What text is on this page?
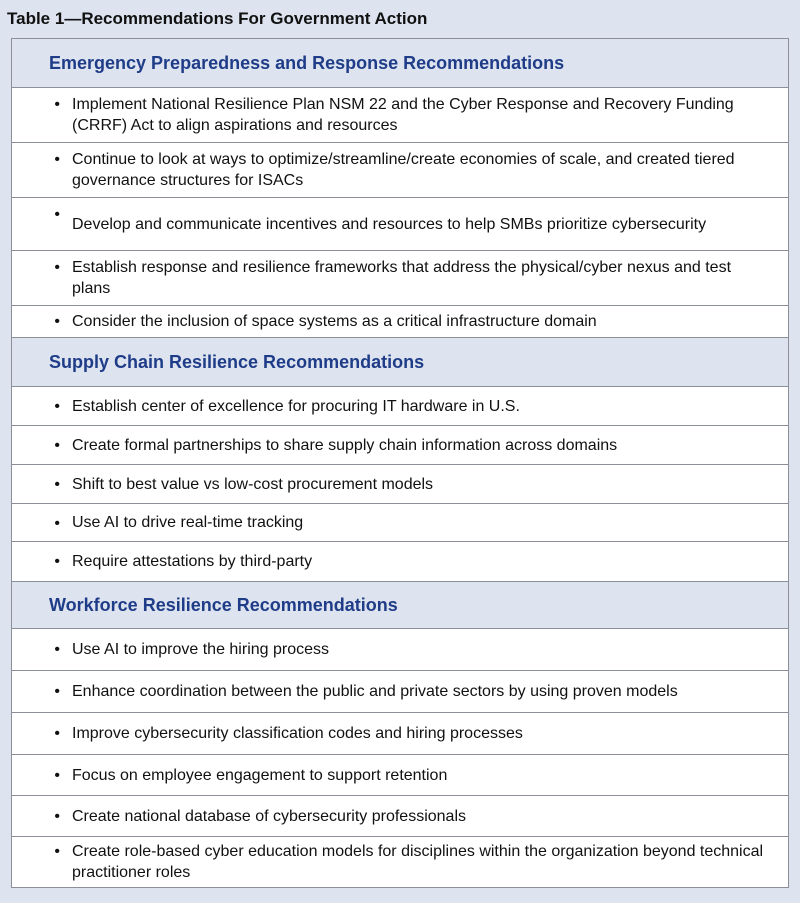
Table 1—Recommendations For Government Action
Emergency Preparedness and Response Recommendations
• Implement National Resilience Plan NSM 22 and the Cyber Response and Recovery Funding (CRRF) Act to align aspirations and resources
• Continue to look at ways to optimize/streamline/create economies of scale, and created tiered governance structures for ISACs
•
Develop and communicate incentives and resources to help SMBs prioritize cybersecurity
• Establish response and resilience frameworks that address the physical/cyber nexus and test plans
• Consider the inclusion of space systems as a critical infrastructure domain
Supply Chain Resilience Recommendations
• Establish center of excellence for procuring IT hardware in U.S.
• Create formal partnerships to share supply chain information across domains
• Shift to best value vs low-cost procurement models
• Use AI to drive real-time tracking
• Require attestations by third-party
Workforce Resilience Recommendations
• Use AI to improve the hiring process
• Enhance coordination between the public and private sectors by using proven models
• Improve cybersecurity classification codes and hiring processes
• Focus on employee engagement to support retention
• Create national database of cybersecurity professionals
• Create role-based cyber education models for disciplines within the organization beyond technical practitioner roles
